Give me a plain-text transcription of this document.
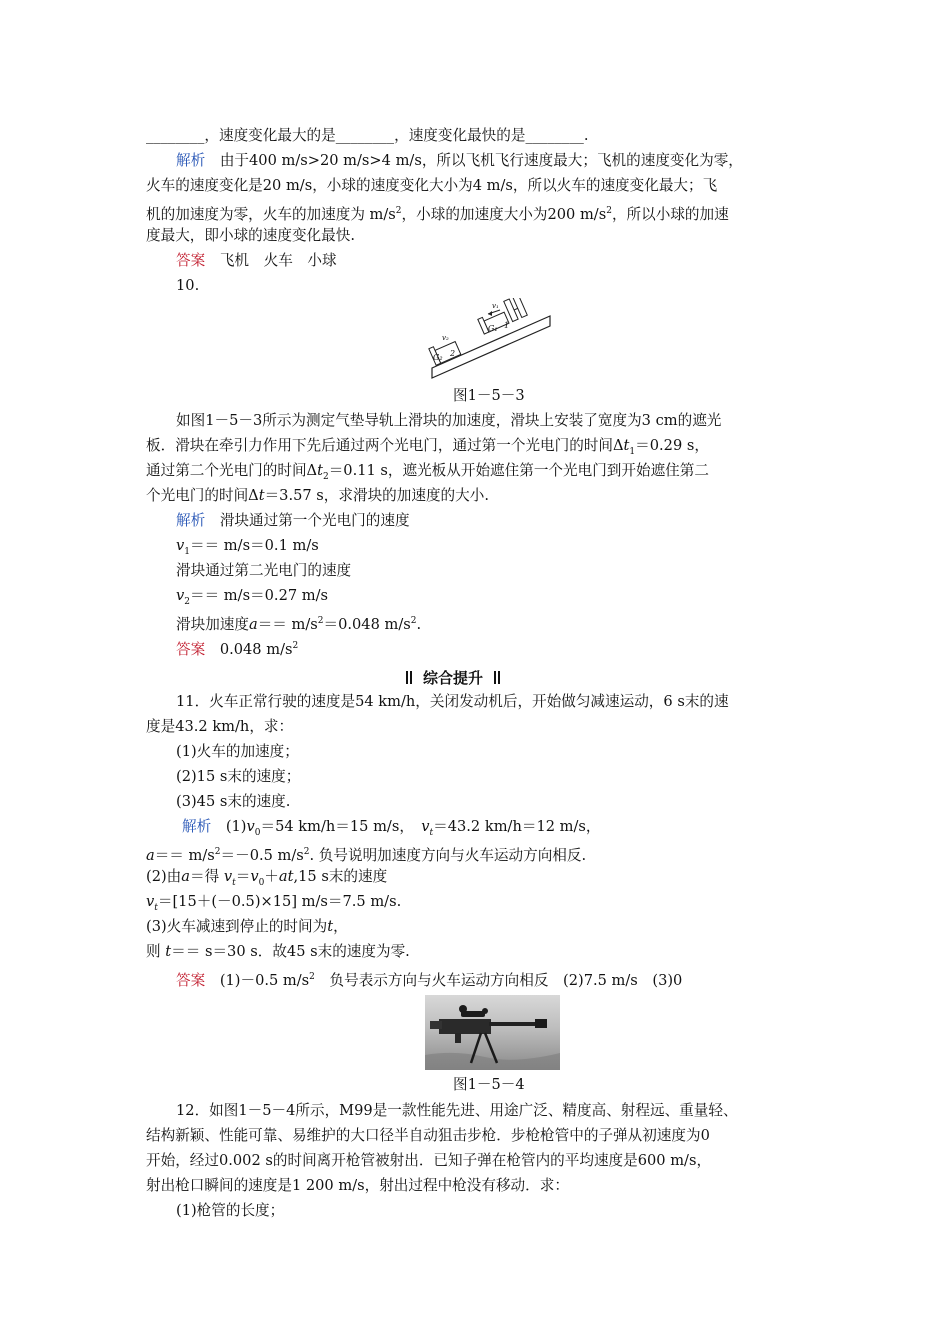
________，速度变化最大的是________，速度变化最快的是________.
解析　 由于400 m/s>20 m/s>4 m/s，所以飞机飞行速度最大；飞机的速度变化为零，
火车的速度变化是20 m/s，小球的速度变化大小为4 m/s，所以火车的速度变化最大；飞
机的加速度为零，火车的加速度为 $m/s^2$，小球的加速度大小为200 $m/s^2$，所以小球的加速
度最大，即小球的速度变化最快.
答案　 飞机　火车　小球
10.
v₁
G₁ 1
v₂
G₂ 2
图1－5－3
如图1－5－3所示为测定气垫导轨上滑块的加速度，滑块上安装了宽度为3 cm的遮光
板．滑块在牵引力作用下先后通过两个光电门，通过第一个光电门的时间$\Delta t_1=0.29$ s，
通过第二个光电门的时间$\Delta t_2=0.11$ s，遮光板从开始遮住第一个光电门到开始遮住第二
个光电门的时间Δt＝3.57 s，求滑块的加速度的大小.
解析　 滑块通过第一个光电门的速度
$v_1== m/s=0.1$ m/s
滑块通过第二光电门的速度
$v_2== m/s=0.27$ m/s
滑块加速度$a== m/s^2=0.048$ $m/s^2$.
答案　 0.048 $m/s^2$
综合提升
11．火车正常行驶的速度是54 km/h，关闭发动机后，开始做匀减速运动，6 s末的速
度是43.2 km/h，求：
(1)火车的加速度；
(2)15 s末的速度；
(3)45 s末的速度.
解析　 $(1)v_0=54$ km/h＝15 m/s，　 $v_t=43.2$ km/h＝12 m/s，
$a== m/s^2=-0.5$ $m/s^2$. 负号说明加速度方向与火车运动方向相反.
(2)由a＝得 $v_t=v_0+at,15$ s末的速度
$v_t=[15+(-0.5)\times 15]$ m/s＝7.5 m/s.
(3)火车减速到停止的时间为t，
则 t＝＝ s＝30 s．故45 s末的速度为零.
答案　 (1)－0.5 $m/s^2$　 负号表示方向与火车运动方向相反　(2)7.5 m/s　(3)0
图1－5－4
12．如图1－5－4所示，M99是一款性能先进、用途广泛、精度高、射程远、重量轻、
结构新颖、性能可靠、易维护的大口径半自动狙击步枪．步枪枪管中的子弹从初速度为0
开始，经过0.002 s的时间离开枪管被射出．已知子弹在枪管内的平均速度是600 m/s，
射出枪口瞬间的速度是1 200 m/s，射出过程中枪没有移动．求：
(1)枪管的长度；
